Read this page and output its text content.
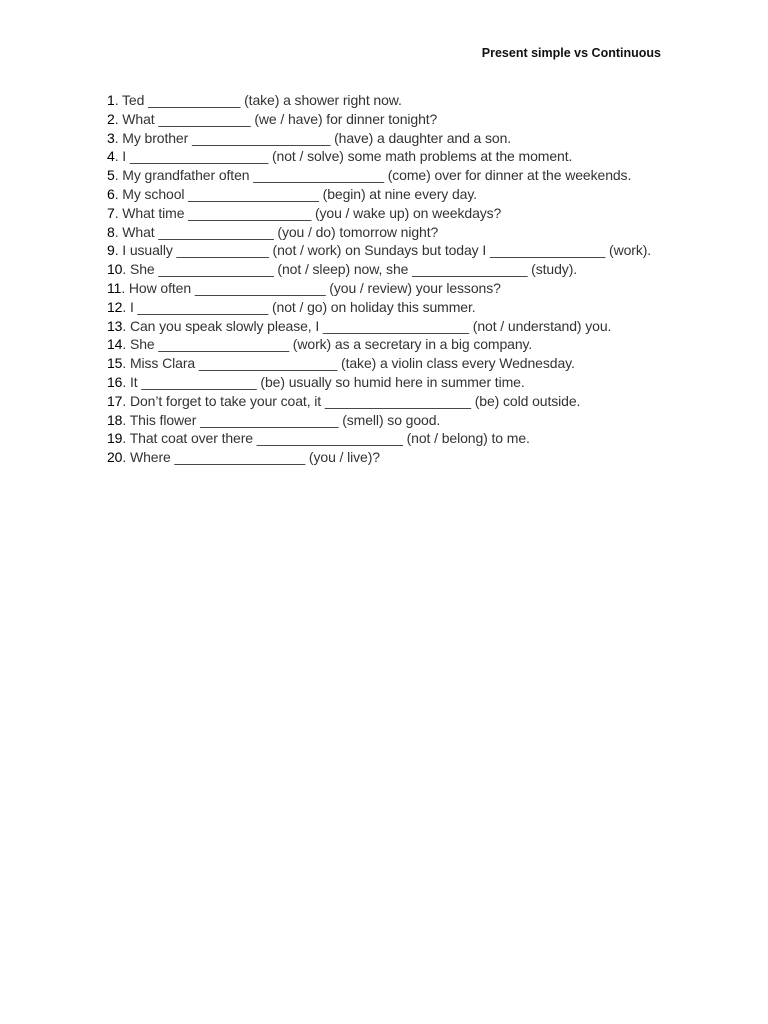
Present simple vs Continuous
1. Ted ____________ (take) a shower right now.
2. What ____________ (we / have) for dinner tonight?
3. My brother __________________ (have) a daughter and a son.
4. I __________________ (not / solve) some math problems at the moment.
5. My grandfather often _________________ (come) over for dinner at the weekends.
6. My school _________________ (begin) at nine every day.
7. What time ________________ (you / wake up) on weekdays?
8. What _______________ (you / do) tomorrow night?
9. I usually ____________ (not / work) on Sundays but today I _______________ (work).
10. She _______________ (not / sleep) now, she _______________ (study).
11. How often _________________ (you / review) your lessons?
12. I _________________ (not / go) on holiday this summer.
13. Can you speak slowly please, I ___________________ (not / understand) you.
14. She _________________ (work) as a secretary in a big company.
15. Miss Clara __________________ (take) a violin class every Wednesday.
16. It _______________ (be) usually so humid here in summer time.
17. Don’t forget to take your coat, it ___________________ (be) cold outside.
18. This flower __________________ (smell) so good.
19. That coat over there ___________________ (not / belong) to me.
20. Where _________________ (you / live)?
